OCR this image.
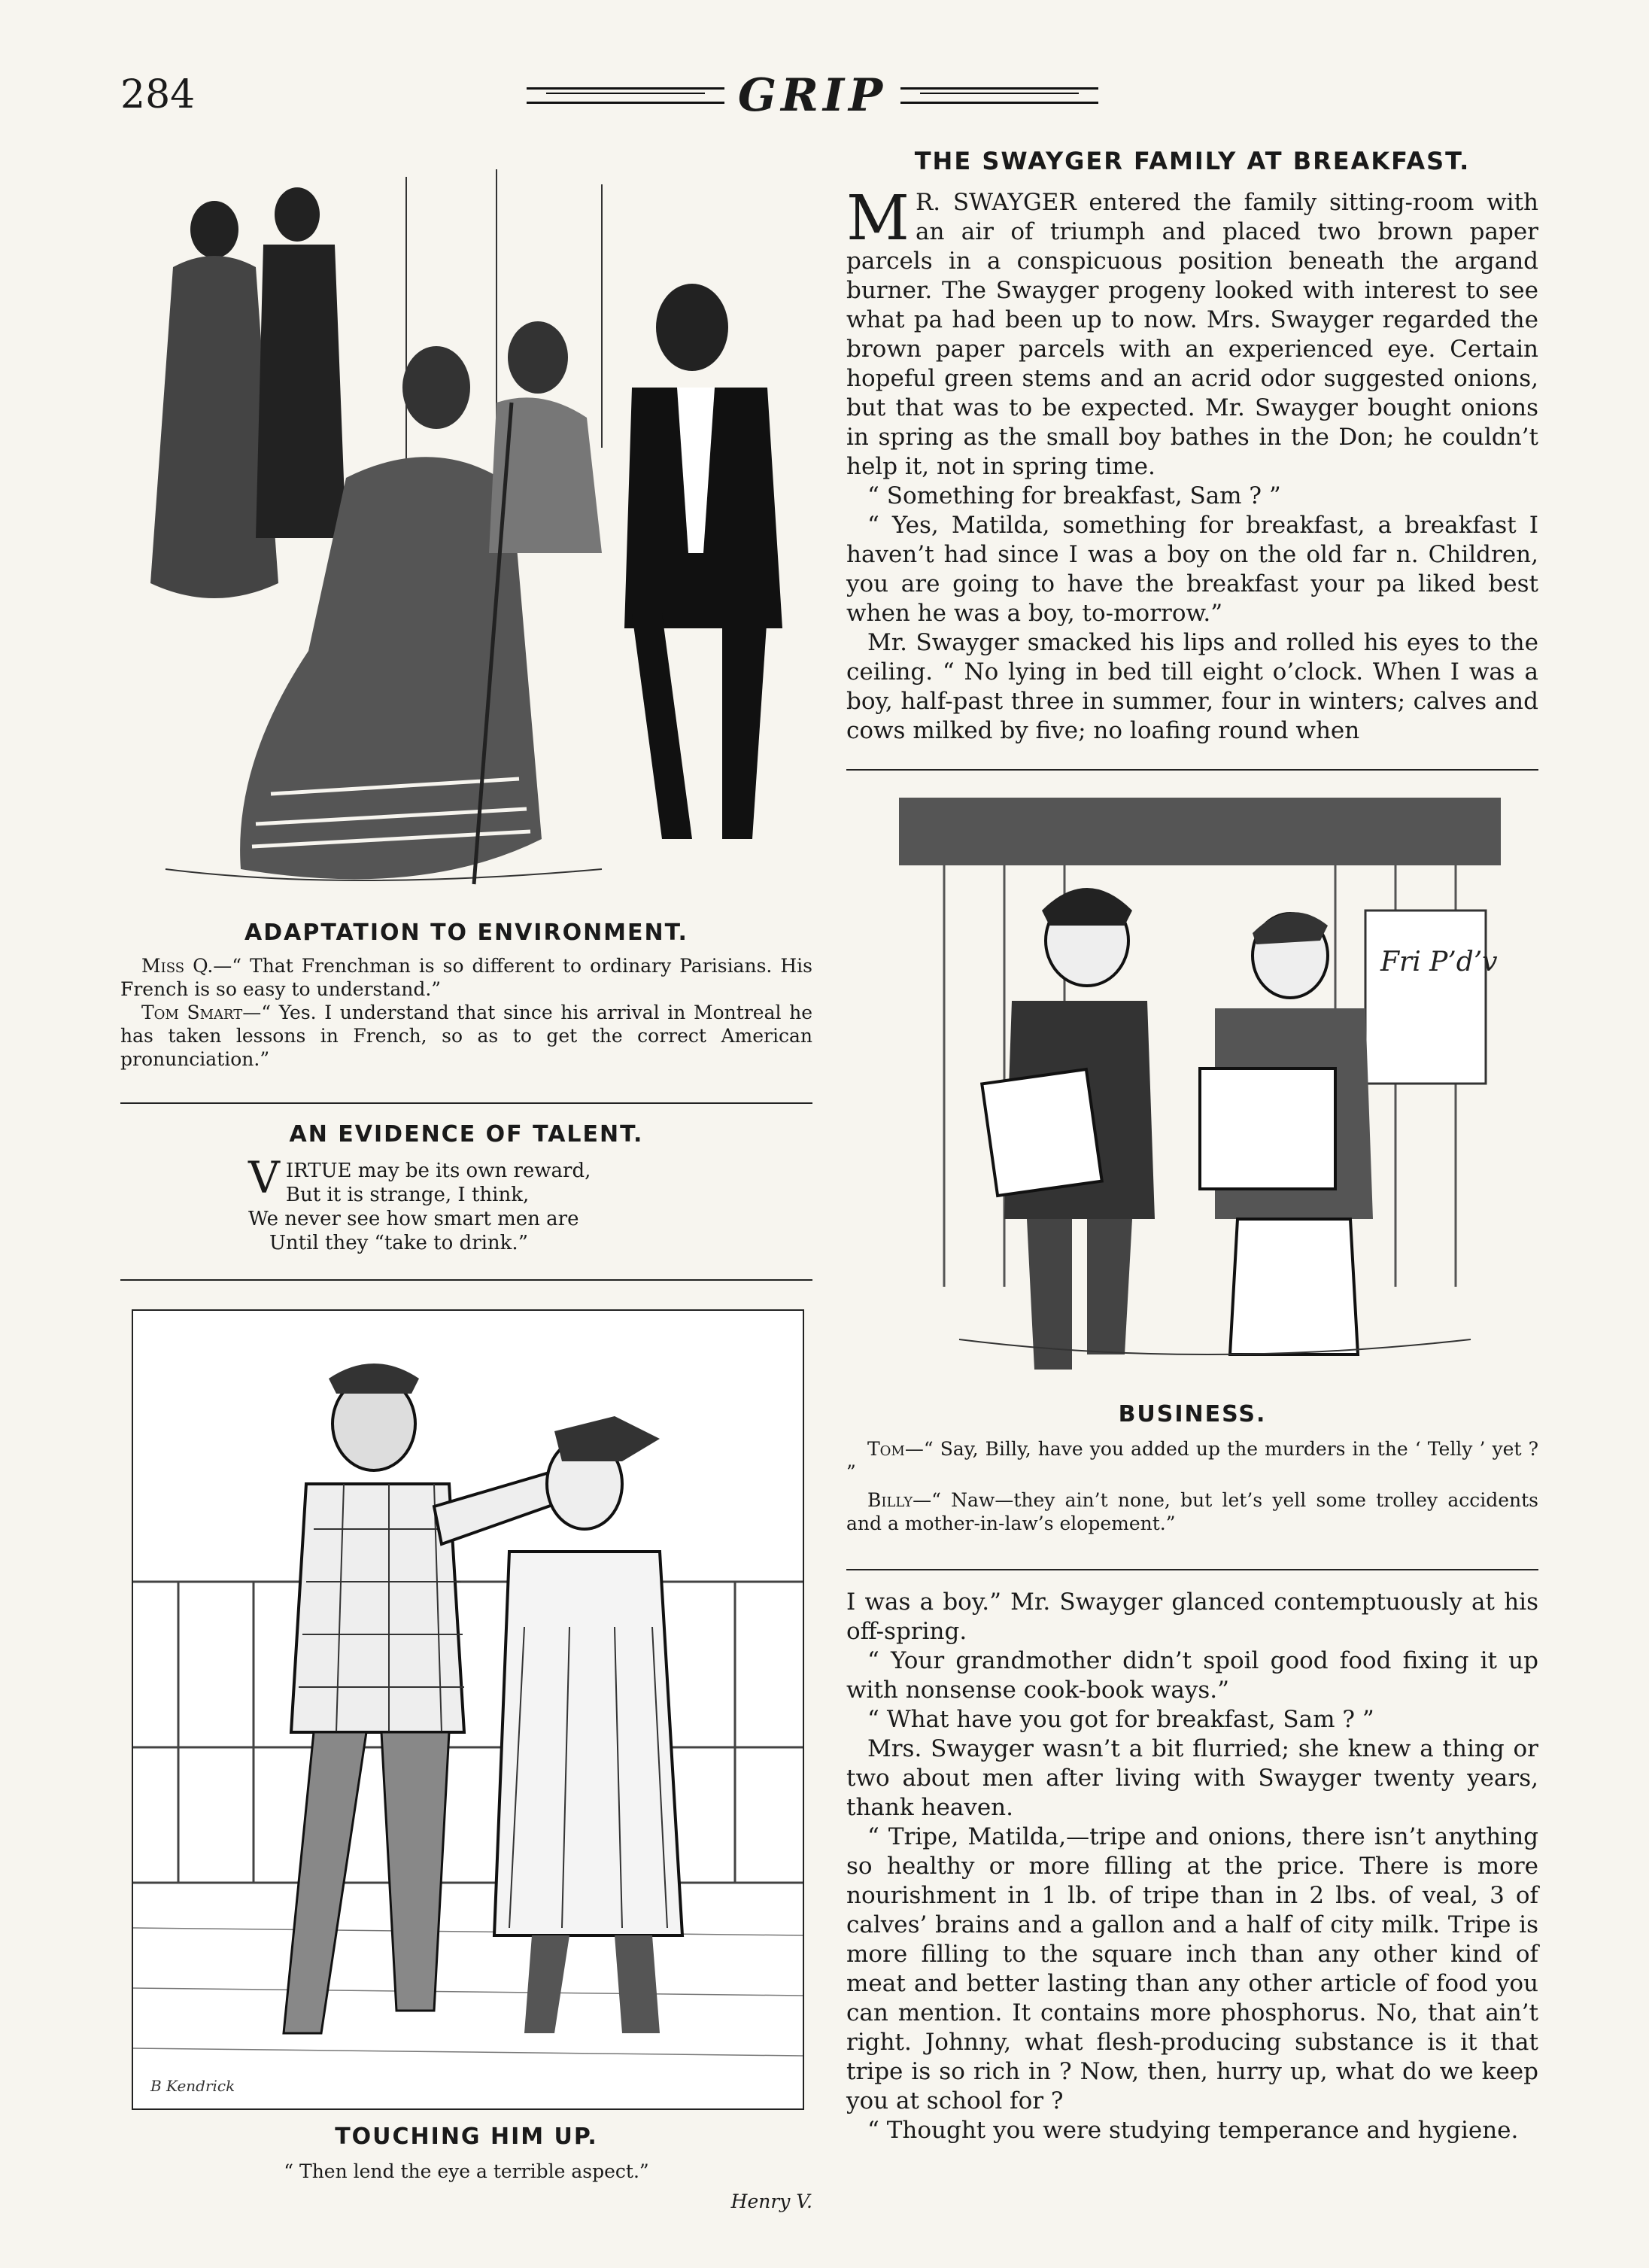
284	GRIP
ADAPTATION TO ENVIRONMENT.

Miss Q.—“ That Frenchman is so different to ordinary Parisians. His French is so easy to understand.”

Tom Smart—“ Yes. I understand that since his arrival in Montreal he has taken lessons in French, so as to get the correct American pronunciation.”

AN EVIDENCE OF TALENT.
VIRTUE may be its own reward,
But it is strange, I think,
We never see how smart men are
Until they “take to drink.”
B Kendrick
TOUCHING HIM UP.
“ Then lend the eye a terrible aspect.”
Henry V.
THE SWAYGER FAMILY AT BREAKFAST.

M R. SWAYGER entered the family sitting-room with an air of triumph and placed two brown paper parcels in a conspicuous position beneath the argand burner. The Swayger progeny looked with interest to see what pa had been up to now. Mrs. Swayger regarded the brown paper parcels with an experienced eye. Certain hopeful green stems and an acrid odor suggested onions, but that was to be expected. Mr. Swayger bought onions in spring as the small boy bathes in the Don; he couldn’t help it, not in spring time.

“ Something for breakfast, Sam ? ”

“ Yes, Matilda, something for breakfast, a breakfast I haven’t had since I was a boy on the old far n. Children, you are going to have the breakfast your pa liked best when he was a boy, to-morrow.”

Mr. Swayger smacked his lips and rolled his eyes to the ceiling. “ No lying in bed till eight o’clock. When I was a boy, half-past three in summer, four in winters; calves and cows milked by five; no loafing round when

Fri P’d’v
BUSINESS.

Tom—“ Say, Billy, have you added up the murders in the ‘ Telly ’ yet ? ”

Billy—“ Naw—they ain’t none, but let’s yell some trolley accidents and a mother-in-law’s elopement.”

I was a boy.” Mr. Swayger glanced contemptuously at his off-spring.

“ Your grandmother didn’t spoil good food fixing it up with nonsense cook-book ways.”

“ What have you got for breakfast, Sam ? ”

Mrs. Swayger wasn’t a bit flurried; she knew a thing or two about men after living with Swayger twenty years, thank heaven.

“ Tripe, Matilda,—tripe and onions, there isn’t anything so healthy or more filling at the price. There is more nourishment in 1 lb. of tripe than in 2 lbs. of veal, 3 of calves’ brains and a gallon and a half of city milk. Tripe is more filling to the square inch than any other kind of meat and better lasting than any other article of food you can mention. It contains more phosphorus. No, that ain’t right. Johnny, what flesh-producing substance is it that tripe is so rich in ? Now, then, hurry up, what do we keep you at school for ?

“ Thought you were studying temperance and hygiene.
